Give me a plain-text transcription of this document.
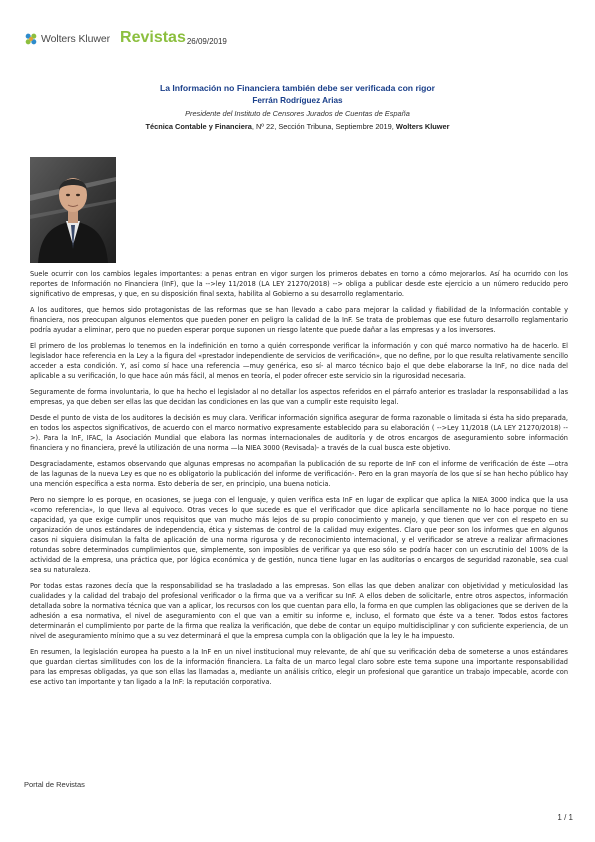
Wolters Kluwer Revistas 26/09/2019
La Información no Financiera también debe ser verificada con rigor
Ferrán Rodríguez Arias
Presidente del Instituto de Censores Jurados de Cuentas de España
Técnica Contable y Financiera, Nº 22, Sección Tribuna, Septiembre 2019, Wolters Kluwer

Suele ocurrir con los cambios legales importantes: a penas entran en vigor surgen los primeros debates en torno a cómo mejorarlos. Así ha ocurrido con los reportes de Información no Financiera (InF), que la -->ley 11/2018 (LA LEY 21270/2018) --> obliga a publicar desde este ejercicio a un número reducido pero significativo de empresas, y que, en su disposición final sexta, habilita al Gobierno a su desarrollo reglamentario.

A los auditores, que hemos sido protagonistas de las reformas que se han llevado a cabo para mejorar la calidad y fiabilidad de la Información contable y financiera, nos preocupan algunos elementos que pueden poner en peligro la calidad de la InF. Se trata de problemas que ese futuro desarrollo reglamentario podría ayudar a eliminar, pero que no pueden esperar porque suponen un riesgo latente que puede dañar a las empresas y a los inversores.

El primero de los problemas lo tenemos en la indefinición en torno a quién corresponde verificar la información y con qué marco normativo ha de hacerlo. El legislador hace referencia en la Ley a la figura del «prestador independiente de servicios de verificación», que no define, por lo que resulta relativamente sencillo acceder a esta condición. Y, así como sí hace una referencia —muy genérica, eso sí- al marco técnico bajo el que debe elaborarse la InF, no dice nada del aplicable a su verificación, lo que hace aún más fácil, al menos en teoría, el poder ofrecer este servicio sin la rigurosidad necesaria.

Seguramente de forma involuntaria, lo que ha hecho el legislador al no detallar los aspectos referidos en el párrafo anterior es trasladar la responsabilidad a las empresas, ya que deben ser ellas las que decidan las condiciones en las que van a cumplir este requisito legal.

Desde el punto de vista de los auditores la decisión es muy clara. Verificar información significa asegurar de forma razonable o limitada si ésta ha sido preparada, en todos los aspectos significativos, de acuerdo con el marco normativo expresamente establecido para su elaboración ( -->Ley 11/2018 (LA LEY 21270/2018) -->). Para la InF, IFAC, la Asociación Mundial que elabora las normas internacionales de auditoría y de otros encargos de aseguramiento sobre información financiera y no financiera, prevé la utilización de una norma —la NIEA 3000 (Revisada)- a través de la cual busca este objetivo.

Desgraciadamente, estamos observando que algunas empresas no acompañan la publicación de su reporte de InF con el informe de verificación de éste —otra de las lagunas de la nueva Ley es que no es obligatorio la publicación del informe de verificación-. Pero en la gran mayoría de los que sí se han hecho público hay una mención específica a esta norma. Esto debería de ser, en principio, una buena noticia.

Pero no siempre lo es porque, en ocasiones, se juega con el lenguaje, y quien verifica esta InF en lugar de explicar que aplica la NIEA 3000 indica que la usa «como referencia», lo que lleva al equivoco. Otras veces lo que sucede es que el verificador que dice aplicarla sencillamente no lo hace porque no tiene capacidad, ya que exige cumplir unos requisitos que van mucho más lejos de su propio conocimiento y manejo, y que tienen que ver con el respeto en su organización de unos estándares de independencia, ética y sistemas de control de la calidad muy exigentes. Claro que peor son los informes que en algunos casos ni siquiera disimulan la falta de aplicación de una norma rigurosa y de reconocimiento internacional, y el verificador se atreve a realizar afirmaciones rotundas sobre determinados cumplimientos que, simplemente, son imposibles de verificar ya que eso sólo se podría hacer con un escrutinio del 100% de la actividad de la empresa, una práctica que, por lógica económica y de gestión, nunca tiene lugar en las auditorías o encargos de seguridad razonable, sea cual sea su naturaleza.

Por todas estas razones decía que la responsabilidad se ha trasladado a las empresas. Son ellas las que deben analizar con objetividad y meticulosidad las cualidades y la calidad del trabajo del profesional verificador o la firma que va a verificar su InF. A ellos deben de solicitarle, entre otros aspectos, información detallada sobre la normativa técnica que van a aplicar, los recursos con los que cuentan para ello, la forma en que cumplen las obligaciones que se deriven de la adhesión a esa normativa, el nivel de aseguramiento con el que van a emitir su informe e, incluso, el formato que éste va a tener. Todos estos factores determinarán el cumplimiento por parte de la firma que realiza la verificación, que debe de contar un equipo multidisciplinar y con suficiente experiencia, de un nivel de aseguramiento mínimo que a su vez determinará el que la empresa cumpla con la obligación que la ley le ha impuesto.

En resumen, la legislación europea ha puesto a la InF en un nivel institucional muy relevante, de ahí que su verificación deba de someterse a unos estándares que guardan ciertas similitudes con los de la información financiera. La falta de un marco legal claro sobre este tema supone una importante responsabilidad para las empresas obligadas, ya que son ellas las llamadas a, mediante un análisis crítico, elegir un profesional que garantice un trabajo impecable, acorde con ese activo tan importante y tan ligado a la InF: la reputación corporativa.

Portal de Revistas
1 / 1
